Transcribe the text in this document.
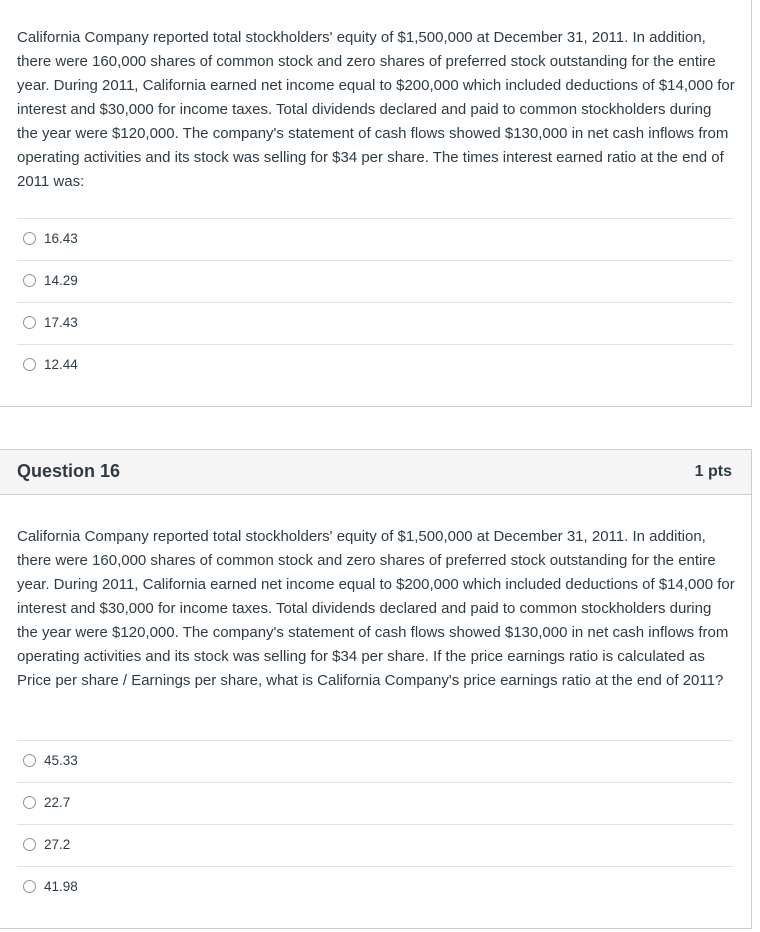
California Company reported total stockholders' equity of $1,500,000 at December 31, 2011. In addition, there were 160,000 shares of common stock and zero shares of preferred stock outstanding for the entire year. During 2011, California earned net income equal to $200,000 which included deductions of $14,000 for interest and $30,000 for income taxes. Total dividends declared and paid to common stockholders during the year were $120,000. The company's statement of cash flows showed $130,000 in net cash inflows from operating activities and its stock was selling for $34 per share. The times interest earned ratio at the end of 2011 was:

16.43
14.29
17.43
12.44
Question 16	1 pts

California Company reported total stockholders' equity of $1,500,000 at December 31, 2011. In addition, there were 160,000 shares of common stock and zero shares of preferred stock outstanding for the entire year. During 2011, California earned net income equal to $200,000 which included deductions of $14,000 for interest and $30,000 for income taxes. Total dividends declared and paid to common stockholders during the year were $120,000. The company's statement of cash flows showed $130,000 in net cash inflows from operating activities and its stock was selling for $34 per share. If the price earnings ratio is calculated as Price per share / Earnings per share, what is California Company's price earnings ratio at the end of 2011?

45.33
22.7
27.2
41.98
